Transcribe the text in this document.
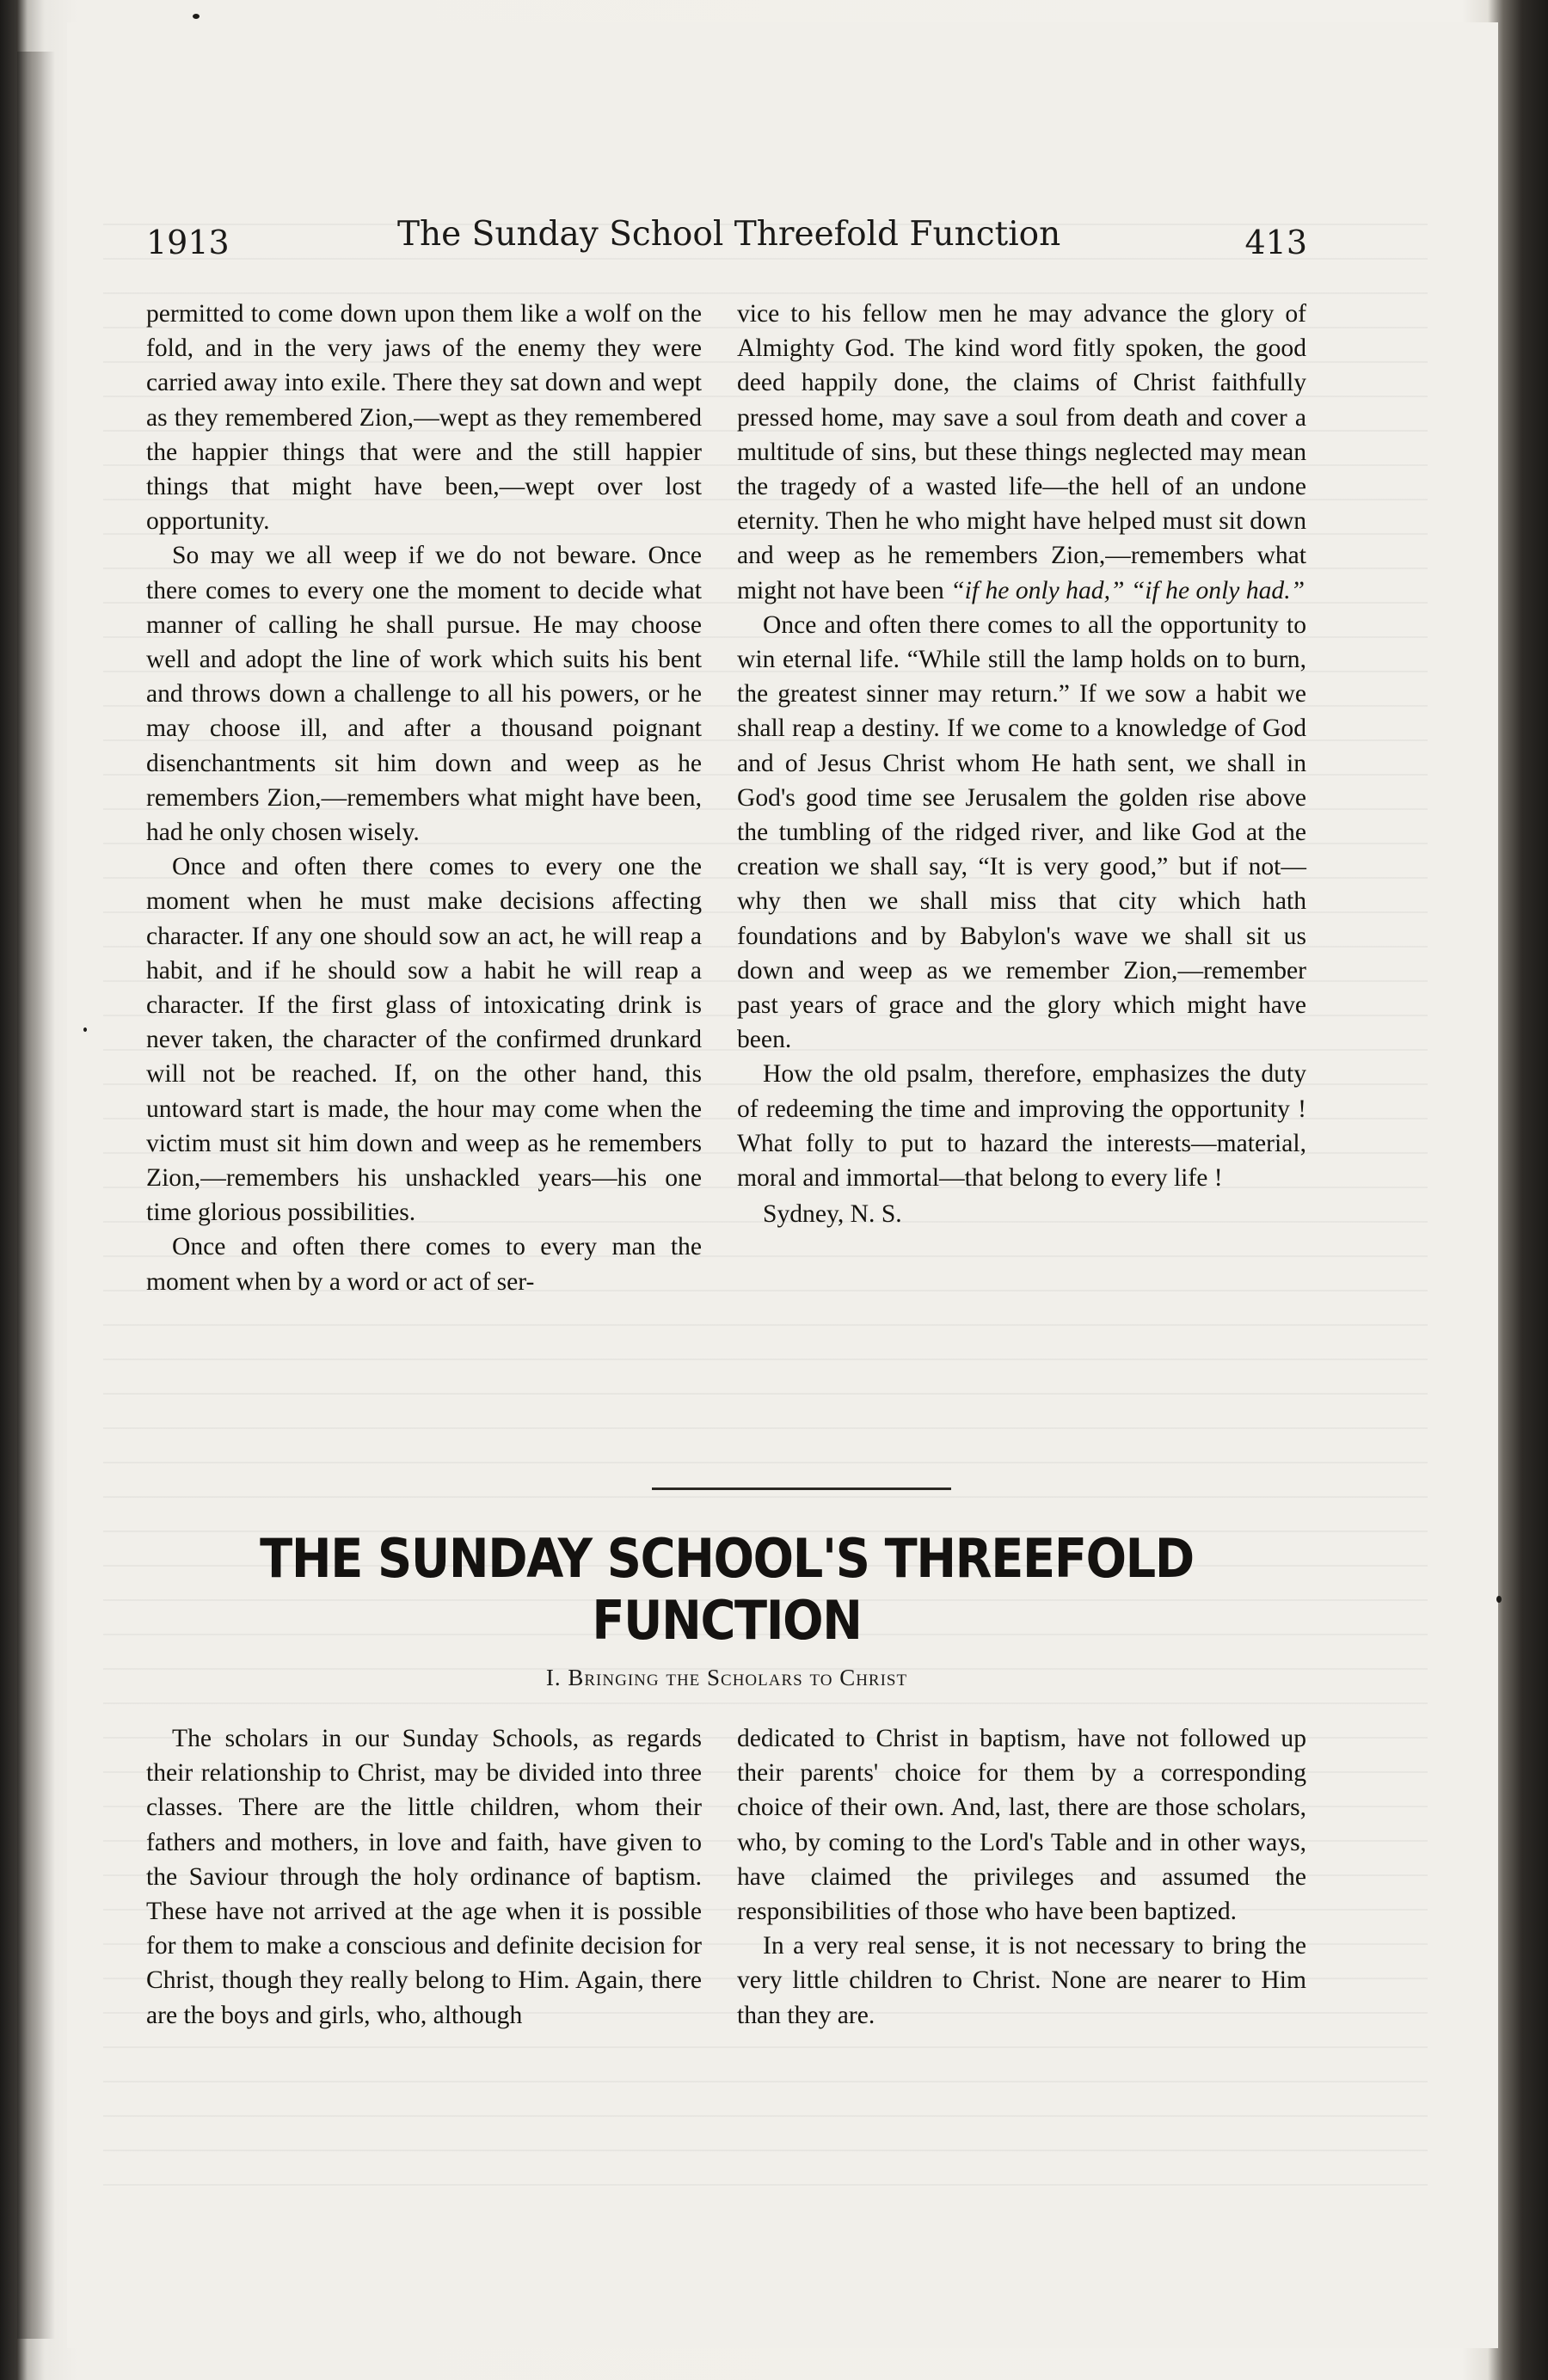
1913	The Sunday School Threefold Function	413

permitted to come down upon them like a wolf on the fold, and in the very jaws of the enemy they were carried away into exile. There they sat down and wept as they remembered Zion,—wept as they remembered the happier things that were and the still happier things that might have been,—wept over lost opportunity.

So may we all weep if we do not beware. Once there comes to every one the moment to decide what manner of calling he shall pursue. He may choose well and adopt the line of work which suits his bent and throws down a challenge to all his powers, or he may choose ill, and after a thousand poignant disenchantments sit him down and weep as he remembers Zion,—remembers what might have been, had he only chosen wisely.

Once and often there comes to every one the moment when he must make decisions affecting character. If any one should sow an act, he will reap a habit, and if he should sow a habit he will reap a character. If the first glass of intoxicating drink is never taken, the character of the confirmed drunkard will not be reached. If, on the other hand, this untoward start is made, the hour may come when the victim must sit him down and weep as he remembers Zion,—remembers his unshackled years—his one time glorious possibilities.

Once and often there comes to every man the moment when by a word or act of ser-

vice to his fellow men he may advance the glory of Almighty God. The kind word fitly spoken, the good deed happily done, the claims of Christ faithfully pressed home, may save a soul from death and cover a multitude of sins, but these things neglected may mean the tragedy of a wasted life—the hell of an undone eternity. Then he who might have helped must sit down and weep as he remembers Zion,—remembers what might not have been “if he only had,” “if he only had.”

Once and often there comes to all the opportunity to win eternal life. “While still the lamp holds on to burn, the greatest sinner may return.” If we sow a habit we shall reap a destiny. If we come to a knowledge of God and of Jesus Christ whom He hath sent, we shall in God's good time see Jerusalem the golden rise above the tumbling of the ridged river, and like God at the creation we shall say, “It is very good,” but if not—why then we shall miss that city which hath foundations and by Babylon's wave we shall sit us down and weep as we remember Zion,—remember past years of grace and the glory which might have been.

How the old psalm, therefore, emphasizes the duty of redeeming the time and improving the opportunity ! What folly to put to hazard the interests—material, moral and immortal—that belong to every life !

Sydney, N. S.

THE SUNDAY SCHOOL'S THREEFOLD
FUNCTION
I. Bringing the Scholars to Christ

The scholars in our Sunday Schools, as regards their relationship to Christ, may be divided into three classes. There are the little children, whom their fathers and mothers, in love and faith, have given to the Saviour through the holy ordinance of baptism. These have not arrived at the age when it is possible for them to make a conscious and definite decision for Christ, though they really belong to Him. Again, there are the boys and girls, who, although

dedicated to Christ in baptism, have not followed up their parents' choice for them by a corresponding choice of their own. And, last, there are those scholars, who, by coming to the Lord's Table and in other ways, have claimed the privileges and assumed the responsibilities of those who have been baptized.

In a very real sense, it is not necessary to bring the very little children to Christ. None are nearer to Him than they are.
